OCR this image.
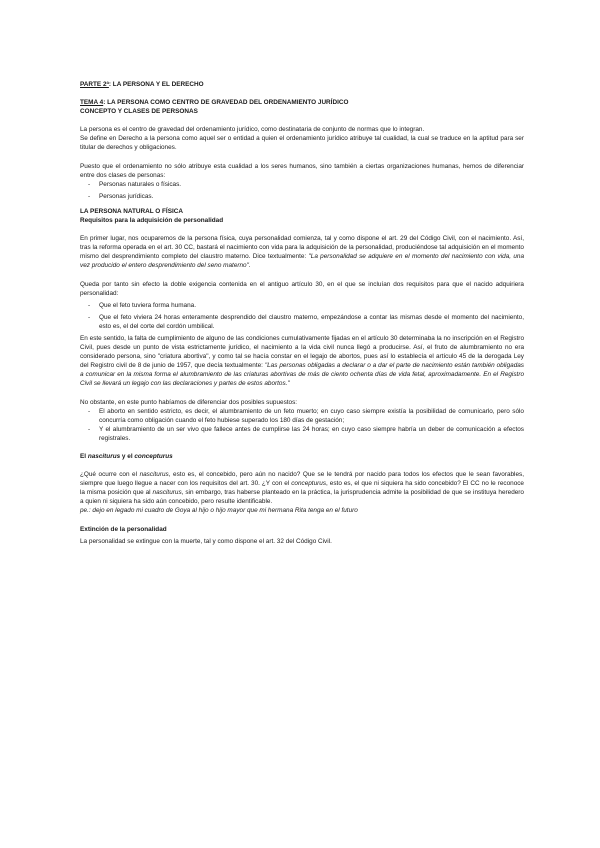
PARTE 2ª: LA PERSONA Y EL DERECHO

TEMA 4: LA PERSONA COMO CENTRO DE GRAVEDAD DEL ORDENAMIENTO JURÍDICO

CONCEPTO Y CLASES DE PERSONAS

La persona es el centro de gravedad del ordenamiento jurídico, como destinataria de conjunto de normas que lo integran.

Se define en Derecho a la persona como aquel ser o entidad a quien el ordenamiento jurídico atribuye tal cualidad, la cual se traduce en la aptitud para ser titular de derechos y obligaciones.

Puesto que el ordenamiento no sólo atribuye esta cualidad a los seres humanos, sino también a ciertas organizaciones humanas, hemos de diferenciar entre dos clases de personas:

- Personas naturales o físicas.
- Personas jurídicas.

LA PERSONA NATURAL O FÍSICA

Requisitos para la adquisición de personalidad

En primer lugar, nos ocuparemos de la persona física, cuya personalidad comienza, tal y como dispone el art. 29 del Código Civil, con el nacimiento. Así, tras la reforma operada en el art. 30 CC, bastará el nacimiento con vida para la adquisición de la personalidad, produciéndose tal adquisición en el momento mismo del desprendimiento completo del claustro materno. Dice textualmente: "La personalidad se adquiere en el momento del nacimiento con vida, una vez producido el entero desprendimiento del seno materno".

Queda por tanto sin efecto la doble exigencia contenida en el antiguo artículo 30, en el que se incluían dos requisitos para que el nacido adquiriera personalidad:

- Que el feto tuviera forma humana.
- Que el feto viviera 24 horas enteramente desprendido del claustro materno, empezándose a contar las mismas desde el momento del nacimiento, esto es, el del corte del cordón umbilical.

En este sentido, la falta de cumplimiento de alguno de las condiciones cumulativamente fijadas en el artículo 30 determinaba la no inscripción en el Registro Civil, pues desde un punto de vista estrictamente jurídico, el nacimiento a la vida civil nunca llegó a producirse. Así, el fruto de alumbramiento no era considerado persona, sino "criatura abortiva", y como tal se hacía constar en el legajo de abortos, pues así lo establecía el artículo 45 de la derogada Ley del Registro civil de 8 de junio de 1957, que decía textualmente: "Las personas obligadas a declarar o a dar el parte de nacimiento están también obligadas a comunicar en la misma forma el alumbramiento de las criaturas abortivas de más de ciento ochenta días de vida fetal, aproximadamente. En el Registro Civil se llevará un legajo con las declaraciones y partes de estos abortos."

No obstante, en este punto habíamos de diferenciar dos posibles supuestos:

- El aborto en sentido estricto, es decir, el alumbramiento de un feto muerto; en cuyo caso siempre existía la posibilidad de comunicarlo, pero sólo concurría como obligación cuando el feto hubiese superado los 180 días de gestación;
- Y el alumbramiento de un ser vivo que fallece antes de cumplirse las 24 horas; en cuyo caso siempre habría un deber de comunicación a efectos registrales.

El nasciturus y el concepturus

¿Qué ocurre con el nasciturus, esto es, el concebido, pero aún no nacido? Que se le tendrá por nacido para todos los efectos que le sean favorables, siempre que luego llegue a nacer con los requisitos del art. 30. ¿Y con el concepturus, esto es, el que ni siquiera ha sido concebido? El CC no le reconoce la misma posición que al nasciturus, sin embargo, tras haberse planteado en la práctica, la jurisprudencia admite la posibilidad de que se instituya heredero a quien ni siquiera ha sido aún concebido, pero resulte identificable.

pe.: dejo en legado mi cuadro de Goya al hijo o hijo mayor que mi hermana Rita tenga en el futuro

Extinción de la personalidad

La personalidad se extingue con la muerte, tal y como dispone el art. 32 del Código Civil.
